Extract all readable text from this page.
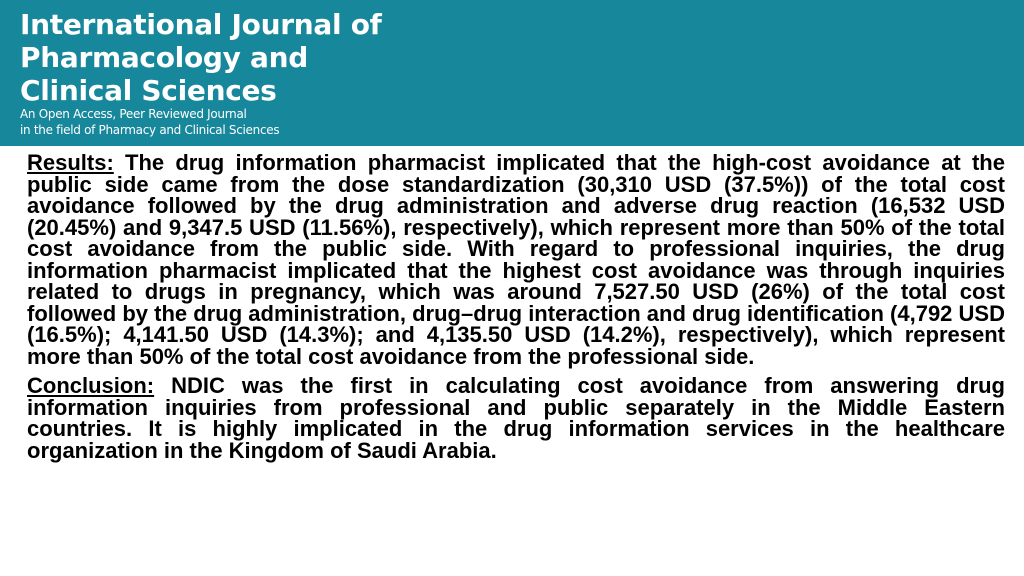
International Journal of
Pharmacology and
Clinical Sciences
An Open Access, Peer Reviewed Journal
in the field of Pharmacy and Clinical Sciences

Results: The drug information pharmacist implicated that the high-cost avoidance at the public side came from the dose standardization (30,310 USD (37.5%)) of the total cost avoidance followed by the drug administration and adverse drug reaction (16,532 USD (20.45%) and 9,347.5 USD (11.56%), respectively), which represent more than 50% of the total cost avoidance from the public side. With regard to professional inquiries, the drug information pharmacist implicated that the highest cost avoidance was through inquiries related to drugs in pregnancy, which was around 7,527.50 USD (26%) of the total cost followed by the drug administration, drug–drug interaction and drug identification (4,792 USD (16.5%); 4,141.50 USD (14.3%); and 4,135.50 USD (14.2%), respectively), which represent more than 50% of the total cost avoidance from the professional side.

Conclusion: NDIC was the first in calculating cost avoidance from answering drug information inquiries from professional and public separately in the Middle Eastern countries. It is highly implicated in the drug information services in the healthcare organization in the Kingdom of Saudi Arabia.
